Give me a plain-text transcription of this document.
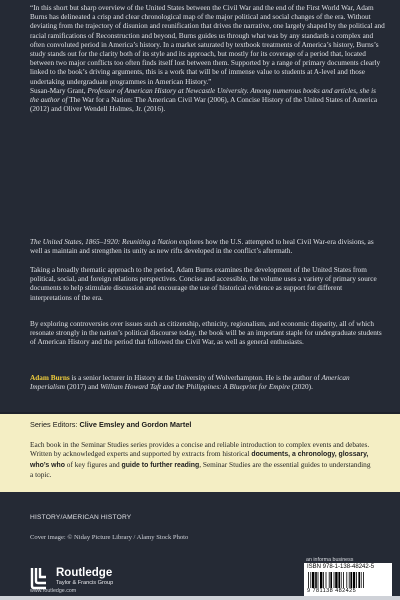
“In this short but sharp overview of the United States between the Civil War and the end of the First World War, Adam Burns has delineated a crisp and clear chronological map of the major political and social changes of the era. Without deviating from the trajectory of disunion and reunification that drives the narrative, one largely shaped by the political and racial ramifications of Reconstruction and beyond, Burns guides us through what was by any standards a complex and often convoluted period in America’s history. In a market saturated by textbook treatments of America’s history, Burns’s study stands out for the clarity both of its style and its approach, but mostly for its coverage of a period that, located between two major conflicts too often finds itself lost between them. Supported by a range of primary documents clearly linked to the book’s driving arguments, this is a work that will be of immense value to students at A-level and those undertaking undergraduate programmes in American History.”

Susan-Mary Grant, Professor of American History at Newcastle University. Among numerous books and articles, she is the author of The War for a Nation: The American Civil War (2006), A Concise History of the United States of America (2012) and Oliver Wendell Holmes, Jr. (2016).

The United States, 1865–1920: Reuniting a Nation explores how the U.S. attempted to heal Civil War-era divisions, as well as maintain and strengthen its unity as new rifts developed in the conflict’s aftermath.

Taking a broadly thematic approach to the period, Adam Burns examines the development of the United States from political, social, and foreign relations perspectives. Concise and accessible, the volume uses a variety of primary source documents to help stimulate discussion and encourage the use of historical evidence as support for different interpretations of the era.

By exploring controversies over issues such as citizenship, ethnicity, regionalism, and economic disparity, all of which resonate strongly in the nation’s political discourse today, the book will be an important staple for undergraduate students of American History and the period that followed the Civil War, as well as general enthusiasts.

Adam Burns is a senior lecturer in History at the University of Wolverhampton. He is the author of American Imperialism (2017) and William Howard Taft and the Philippines: A Blueprint for Empire (2020).

Series Editors: Clive Emsley and Gordon Martel

Each book in the Seminar Studies series provides a concise and reliable introduction to complex events and debates. Written by acknowledged experts and supported by extracts from historical documents, a chronology, glossary, who’s who of key figures and guide to further reading, Seminar Studies are the essential guides to understanding a topic.

HISTORY/AMERICAN HISTORY
Cover image: © Niday Picture Library / Alamy Stock Photo
Routledge
Taylor & Francis Group
www.routledge.com
an informa business
ISBN 978-1-138-48242-5
9 781138 482425
